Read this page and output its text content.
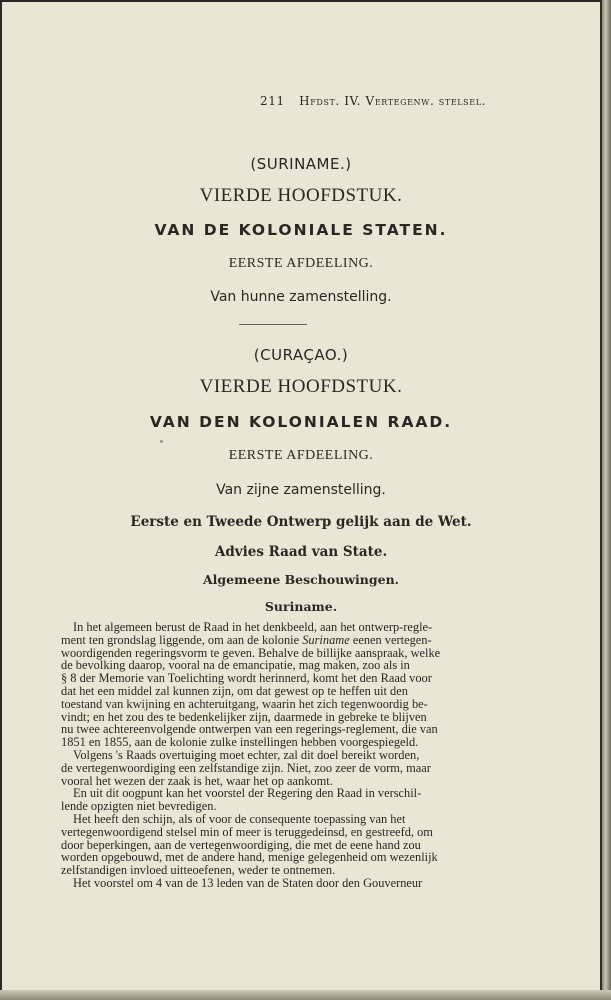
211 Hfdst. IV. Vertegenw. stelsel.
(SURINAME.)
VIERDE HOOFDSTUK.
VAN DE KOLONIALE STATEN.
EERSTE AFDEELING.
Van hunne zamenstelling.
(CURAÇAO.)
VIERDE HOOFDSTUK.
VAN DEN KOLONIALEN RAAD.
EERSTE AFDEELING.
Van zijne zamenstelling.
Eerste en Tweede Ontwerp gelijk aan de Wet.
Advies Raad van State.
Algemeene Beschouwingen.
Suriname.

In het algemeen berust de Raad in het denkbeeld, aan het ontwerp-regle-

ment ten grondslag liggende, om aan de kolonie Suriname eenen vertegen-

woordigenden regeringsvorm te geven. Behalve de billijke aanspraak, welke

de bevolking daarop, vooral na de emancipatie, mag maken, zoo als in

§ 8 der Memorie van Toelichting wordt herinnerd, komt het den Raad voor

dat het een middel zal kunnen zijn, om dat gewest op te heffen uit den

toestand van kwijning en achteruitgang, waarin het zich tegenwoordig be-

vindt; en het zou des te bedenkelijker zijn, daarmede in gebreke te blijven

nu twee achtereenvolgende ontwerpen van een regerings-reglement, die van

1851 en 1855, aan de kolonie zulke instellingen hebben voorgespiegeld.

Volgens 's Raads overtuiging moet echter, zal dit doel bereikt worden,

de vertegenwoordiging een zelfstandige zijn. Niet, zoo zeer de vorm, maar

vooral het wezen der zaak is het, waar het op aankomt.

En uit dit oogpunt kan het voorstel der Regering den Raad in verschil-

lende opzigten niet bevredigen.

Het heeft den schijn, als of voor de consequente toepassing van het

vertegenwoordigend stelsel min of meer is teruggedeinsd, en gestreefd, om

door beperkingen, aan de vertegenwoordiging, die met de eene hand zou

worden opgebouwd, met de andere hand, menige gelegenheid om wezenlijk

zelfstandigen invloed uitteoefenen, weder te ontnemen.

Het voorstel om 4 van de 13 leden van de Staten door den Gouverneur
